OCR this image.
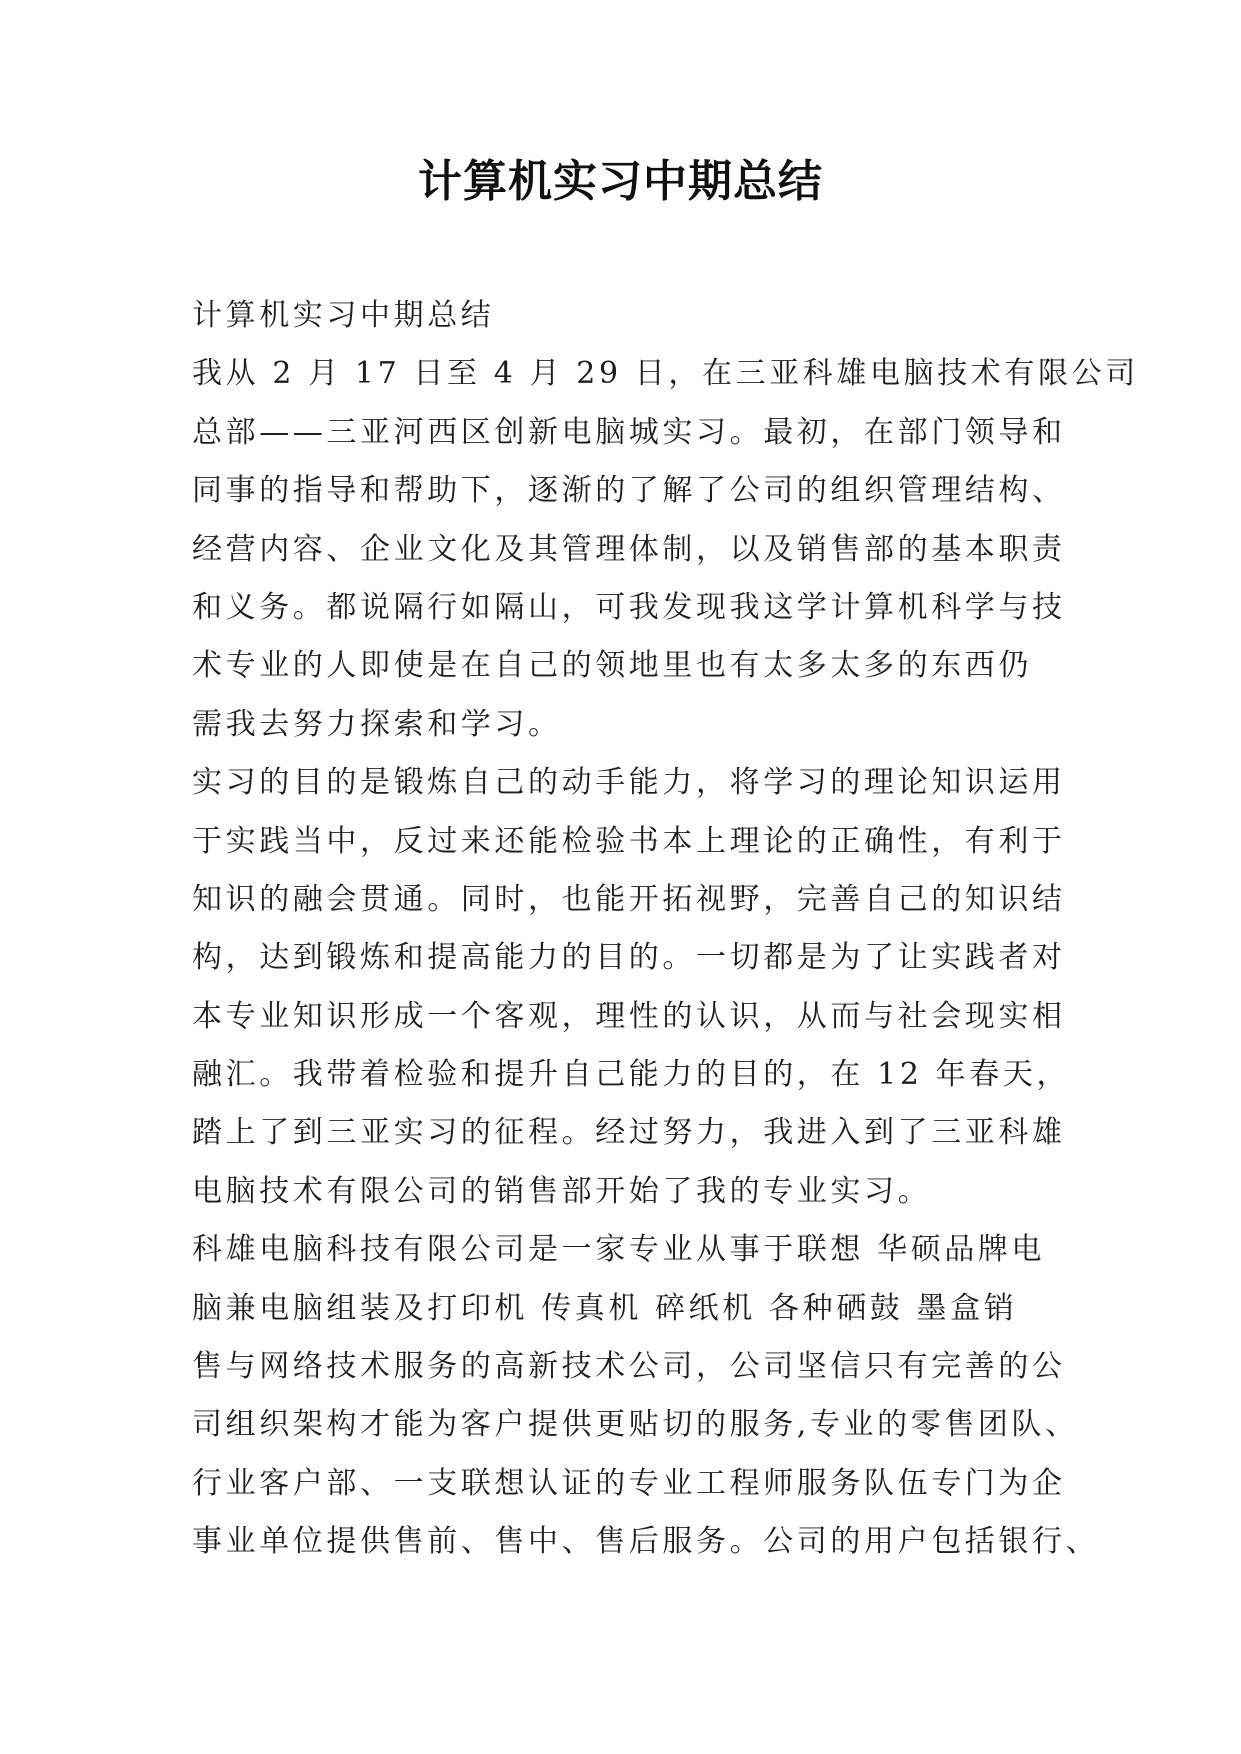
计算机实习中期总结
计算机实习中期总结
我从 2 月 17 日至 4 月 29 日，在三亚科雄电脑技术有限公司
总部——三亚河西区创新电脑城实习。最初，在部门领导和
同事的指导和帮助下，逐渐的了解了公司的组织管理结构、
经营内容、企业文化及其管理体制，以及销售部的基本职责
和义务。都说隔行如隔山，可我发现我这学计算机科学与技
术专业的人即使是在自己的领地里也有太多太多的东西仍
需我去努力探索和学习。
实习的目的是锻炼自己的动手能力，将学习的理论知识运用
于实践当中，反过来还能检验书本上理论的正确性，有利于
知识的融会贯通。同时，也能开拓视野，完善自己的知识结
构，达到锻炼和提高能力的目的。一切都是为了让实践者对
本专业知识形成一个客观，理性的认识，从而与社会现实相
融汇。我带着检验和提升自己能力的目的，在 12 年春天，
踏上了到三亚实习的征程。经过努力，我进入到了三亚科雄
电脑技术有限公司的销售部开始了我的专业实习。
科雄电脑科技有限公司是一家专业从事于联想 华硕品牌电
脑兼电脑组装及打印机 传真机 碎纸机 各种硒鼓 墨盒销
售与网络技术服务的高新技术公司，公司坚信只有完善的公
司组织架构才能为客户提供更贴切的服务,专业的零售团队、
行业客户部、一支联想认证的专业工程师服务队伍专门为企
事业单位提供售前、售中、售后服务。公司的用户包括银行、
